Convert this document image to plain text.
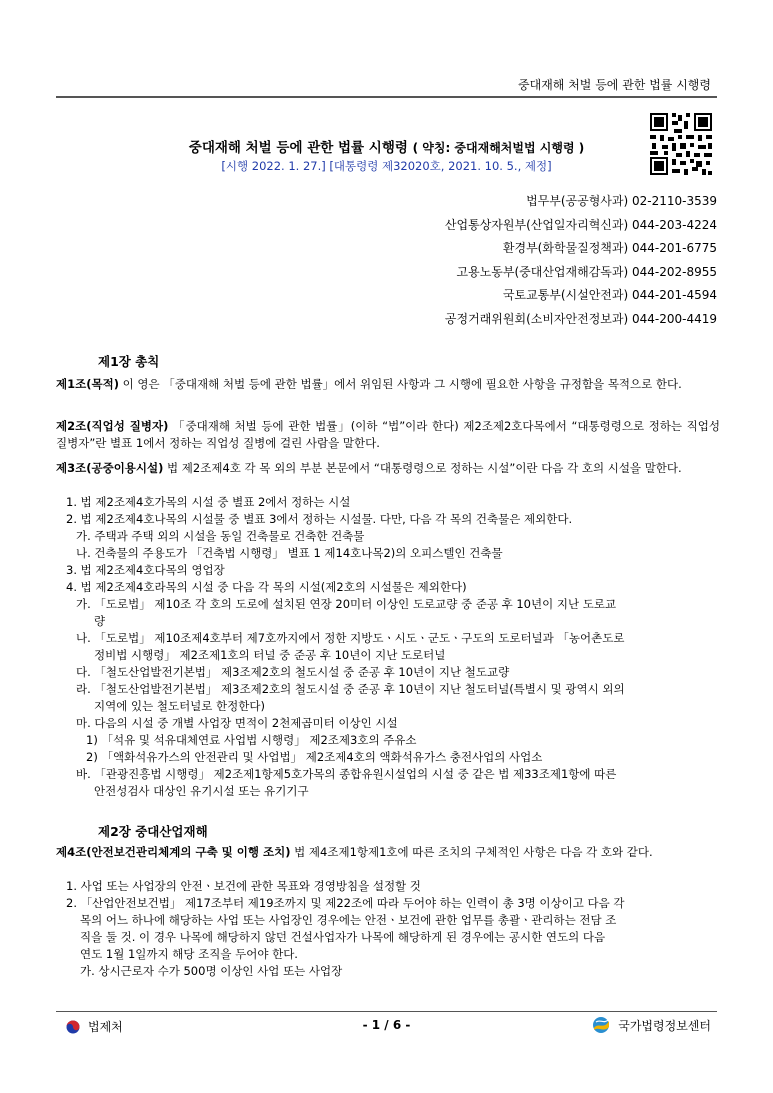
중대재해 처벌 등에 관한 법률 시행령
중대재해 처벌 등에 관한 법률 시행령 ( 약칭: 중대재해처벌법 시행령 )
[시행 2022. 1. 27.] [대통령령 제32020호, 2021. 10. 5., 제정]
법무부(공공형사과) 02-2110-3539
산업통상자원부(산업일자리혁신과) 044-203-4224
환경부(화학물질정책과) 044-201-6775
고용노동부(중대산업재해감독과) 044-202-8955
국토교통부(시설안전과) 044-201-4594
공정거래위원회(소비자안전정보과) 044-200-4419
제1장 총칙
제1조(목적) 이 영은 「중대재해 처벌 등에 관한 법률」에서 위임된 사항과 그 시행에 필요한 사항을 규정함을 목적으로 한다.
제2조(직업성 질병자) 「중대재해 처벌 등에 관한 법률」(이하 “법”이라 한다) 제2조제2호다목에서 “대통령령으로 정하는 직업성 질병자”란 별표 1에서 정하는 직업성 질병에 걸린 사람을 말한다.
제3조(공중이용시설) 법 제2조제4호 각 목 외의 부분 본문에서 “대통령령으로 정하는 시설”이란 다음 각 호의 시설을 말한다.
1. 법 제2조제4호가목의 시설 중 별표 2에서 정하는 시설
2. 법 제2조제4호나목의 시설물 중 별표 3에서 정하는 시설물. 다만, 다음 각 목의 건축물은 제외한다.
가. 주택과 주택 외의 시설을 동일 건축물로 건축한 건축물
나. 건축물의 주용도가 「건축법 시행령」 별표 1 제14호나목2)의 오피스텔인 건축물
3. 법 제2조제4호다목의 영업장
4. 법 제2조제4호라목의 시설 중 다음 각 목의 시설(제2호의 시설물은 제외한다)
가. 「도로법」 제10조 각 호의 도로에 설치된 연장 20미터 이상인 도로교량 중 준공 후 10년이 지난 도로교
량
나. 「도로법」 제10조제4호부터 제7호까지에서 정한 지방도ㆍ시도ㆍ군도ㆍ구도의 도로터널과 「농어촌도로
정비법 시행령」 제2조제1호의 터널 중 준공 후 10년이 지난 도로터널
다. 「철도산업발전기본법」 제3조제2호의 철도시설 중 준공 후 10년이 지난 철도교량
라. 「철도산업발전기본법」 제3조제2호의 철도시설 중 준공 후 10년이 지난 철도터널(특별시 및 광역시 외의
지역에 있는 철도터널로 한정한다)
마. 다음의 시설 중 개별 사업장 면적이 2천제곱미터 이상인 시설
1) 「석유 및 석유대체연료 사업법 시행령」 제2조제3호의 주유소
2) 「액화석유가스의 안전관리 및 사업법」 제2조제4호의 액화석유가스 충전사업의 사업소
바. 「관광진흥법 시행령」 제2조제1항제5호가목의 종합유원시설업의 시설 중 같은 법 제33조제1항에 따른
안전성검사 대상인 유기시설 또는 유기기구
제2장 중대산업재해
제4조(안전보건관리체계의 구축 및 이행 조치) 법 제4조제1항제1호에 따른 조치의 구체적인 사항은 다음 각 호와 같다.
1. 사업 또는 사업장의 안전ㆍ보건에 관한 목표와 경영방침을 설정할 것
2. 「산업안전보건법」 제17조부터 제19조까지 및 제22조에 따라 두어야 하는 인력이 총 3명 이상이고 다음 각
목의 어느 하나에 해당하는 사업 또는 사업장인 경우에는 안전ㆍ보건에 관한 업무를 총괄ㆍ관리하는 전담 조
직을 둘 것. 이 경우 나목에 해당하지 않던 건설사업자가 나목에 해당하게 된 경우에는 공시한 연도의 다음
연도 1월 1일까지 해당 조직을 두어야 한다.
가. 상시근로자 수가 500명 이상인 사업 또는 사업장
법제처	- 1 / 6 -	국가법령정보센터
